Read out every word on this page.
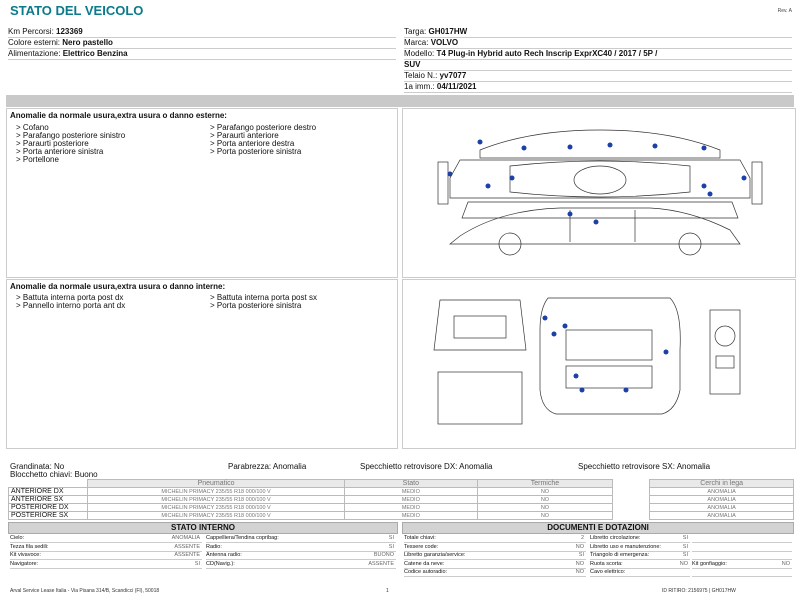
STATO DEL VEICOLO	Rev. A
Km Percorsi: 123369
Colore esterni: Nero pastello
Alimentazione: Elettrico Benzina
Targa: GH017HW
Marca: VOLVO
Modello: T4 Plug-in Hybrid auto Rech Inscrip ExprXC40 / 2017 / 5P /
SUV
Telaio N.: yv7077
1a imm.: 04/11/2021
Anomalie da normale usura,extra usura o danno esterne:
> Cofano
> Parafango posteriore sinistro
> Paraurti posteriore
> Porta anteriore sinistra
> Portellone
> Parafango posteriore destro
> Paraurti anteriore
> Porta anteriore destra
> Porta posteriore sinistra
Anomalie da normale usura,extra usura o danno interne:
> Battuta interna porta post dx
> Pannello interno porta ant dx
> Battuta interna porta post sx
> Porta posteriore sinistra
Grandinata: No
Blocchetto chiavi: Buono
Parabrezza: Anomalia	Specchietto retrovisore DX: Anomalia	Specchietto retrovisore SX: Anomalia
	Pneumatico	Stato	Termiche		Cerchi in lega
ANTERIORE DX	MICHELIN PRIMACY 235/55 R18 000/100 V	MEDIO	NO		ANOMALIA
ANTERIORE SX	MICHELIN PRIMACY 235/55 R18 000/100 V	MEDIO	NO		ANOMALIA
POSTERIORE DX	MICHELIN PRIMACY 235/55 R18 000/100 V	MEDIO	NO		ANOMALIA
POSTERIORE SX	MICHELIN PRIMACY 235/55 R18 000/100 V	MEDIO	NO		ANOMALIA
STATO INTERNO
Cielo:	ANOMALIA
Tezza fila sedili:	ASSENTE
Kit vivavoce:	ASSENTE
Navigatore:	SI
Cappelliera/Tendina copribag:	SI
Radio:	SI
Antenna radio:	BUONO
CD(Navig.):	ASSENTE
DOCUMENTI E DOTAZIONI
Totale chiavi:	2
Tessere code:	NO
Libretto garanzia/service:	SI
Catene da neve:	NO
Codice autoradio:	NO
Libretto circolazione:	SI
Libretto uso e manutenzione:	SI
Triangolo di emergenza:	SI
Ruota scorta:	NO
Cavo elettrico:
Kit gonfiaggio:	NO
Arval Service Lease Italia - Via Pisana 314/B, Scandicci (FI), 50018	1	ID RITIRO: 2156975 | GH017HW
